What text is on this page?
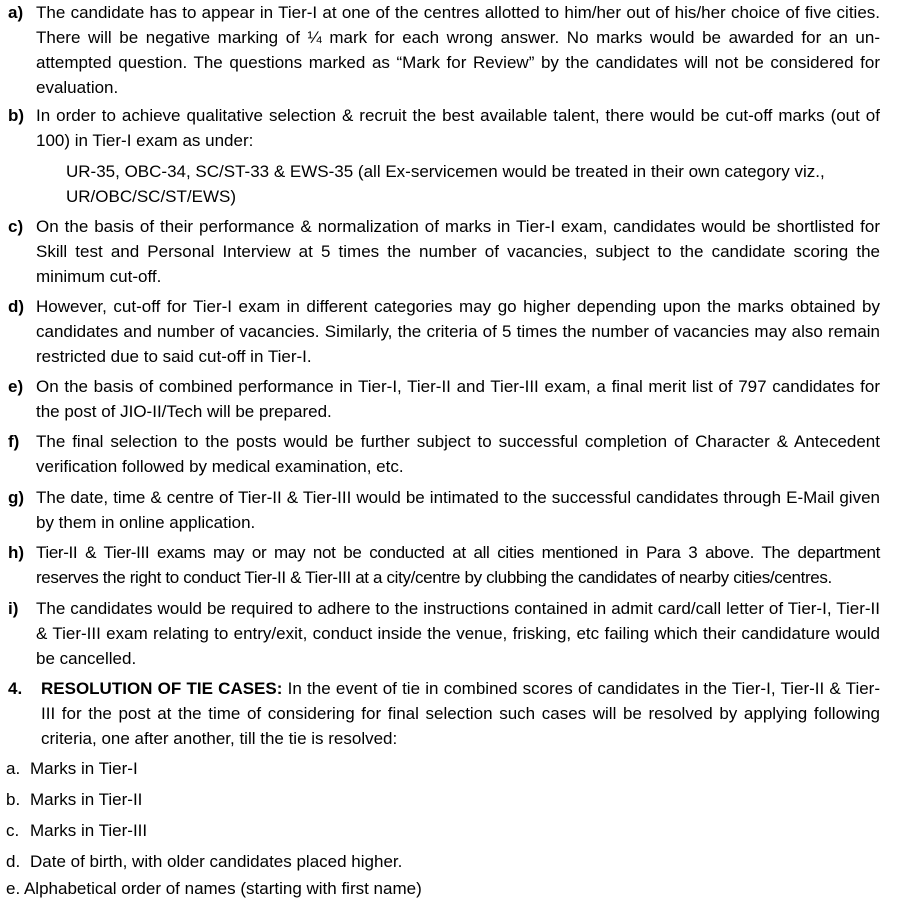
a) The candidate has to appear in Tier-I at one of the centres allotted to him/her out of his/her choice of five cities. There will be negative marking of ¼ mark for each wrong answer. No marks would be awarded for an un-attempted question. The questions marked as “Mark for Review” by the candidates will not be considered for evaluation.
b) In order to achieve qualitative selection & recruit the best available talent, there would be cut-off marks (out of 100) in Tier-I exam as under:
UR-35, OBC-34, SC/ST-33 & EWS-35 (all Ex-servicemen would be treated in their own category viz., UR/OBC/SC/ST/EWS)
c) On the basis of their performance & normalization of marks in Tier-I exam, candidates would be shortlisted for Skill test and Personal Interview at 5 times the number of vacancies, subject to the candidate scoring the minimum cut-off.
d) However, cut-off for Tier-I exam in different categories may go higher depending upon the marks obtained by candidates and number of vacancies. Similarly, the criteria of 5 times the number of vacancies may also remain restricted due to said cut-off in Tier-I.
e) On the basis of combined performance in Tier-I, Tier-II and Tier-III exam, a final merit list of 797 candidates for the post of JIO-II/Tech will be prepared.
f) The final selection to the posts would be further subject to successful completion of Character & Antecedent verification followed by medical examination, etc.
g) The date, time & centre of Tier-II & Tier-III would be intimated to the successful candidates through E-Mail given by them in online application.
h) Tier-II & Tier-III exams may or may not be conducted at all cities mentioned in Para 3 above. The department reserves the right to conduct Tier-II & Tier-III at a city/centre by clubbing the candidates of nearby cities/centres.
i) The candidates would be required to adhere to the instructions contained in admit card/call letter of Tier-I, Tier-II & Tier-III exam relating to entry/exit, conduct inside the venue, frisking, etc failing which their candidature would be cancelled.
4. RESOLUTION OF TIE CASES: In the event of tie in combined scores of candidates in the Tier-I, Tier-II & Tier-III for the post at the time of considering for final selection such cases will be resolved by applying following criteria, one after another, till the tie is resolved:
a. Marks in Tier-I
b. Marks in Tier-II
c. Marks in Tier-III
d. Date of birth, with older candidates placed higher.
e. Alphabetical order of names (starting with first name)
